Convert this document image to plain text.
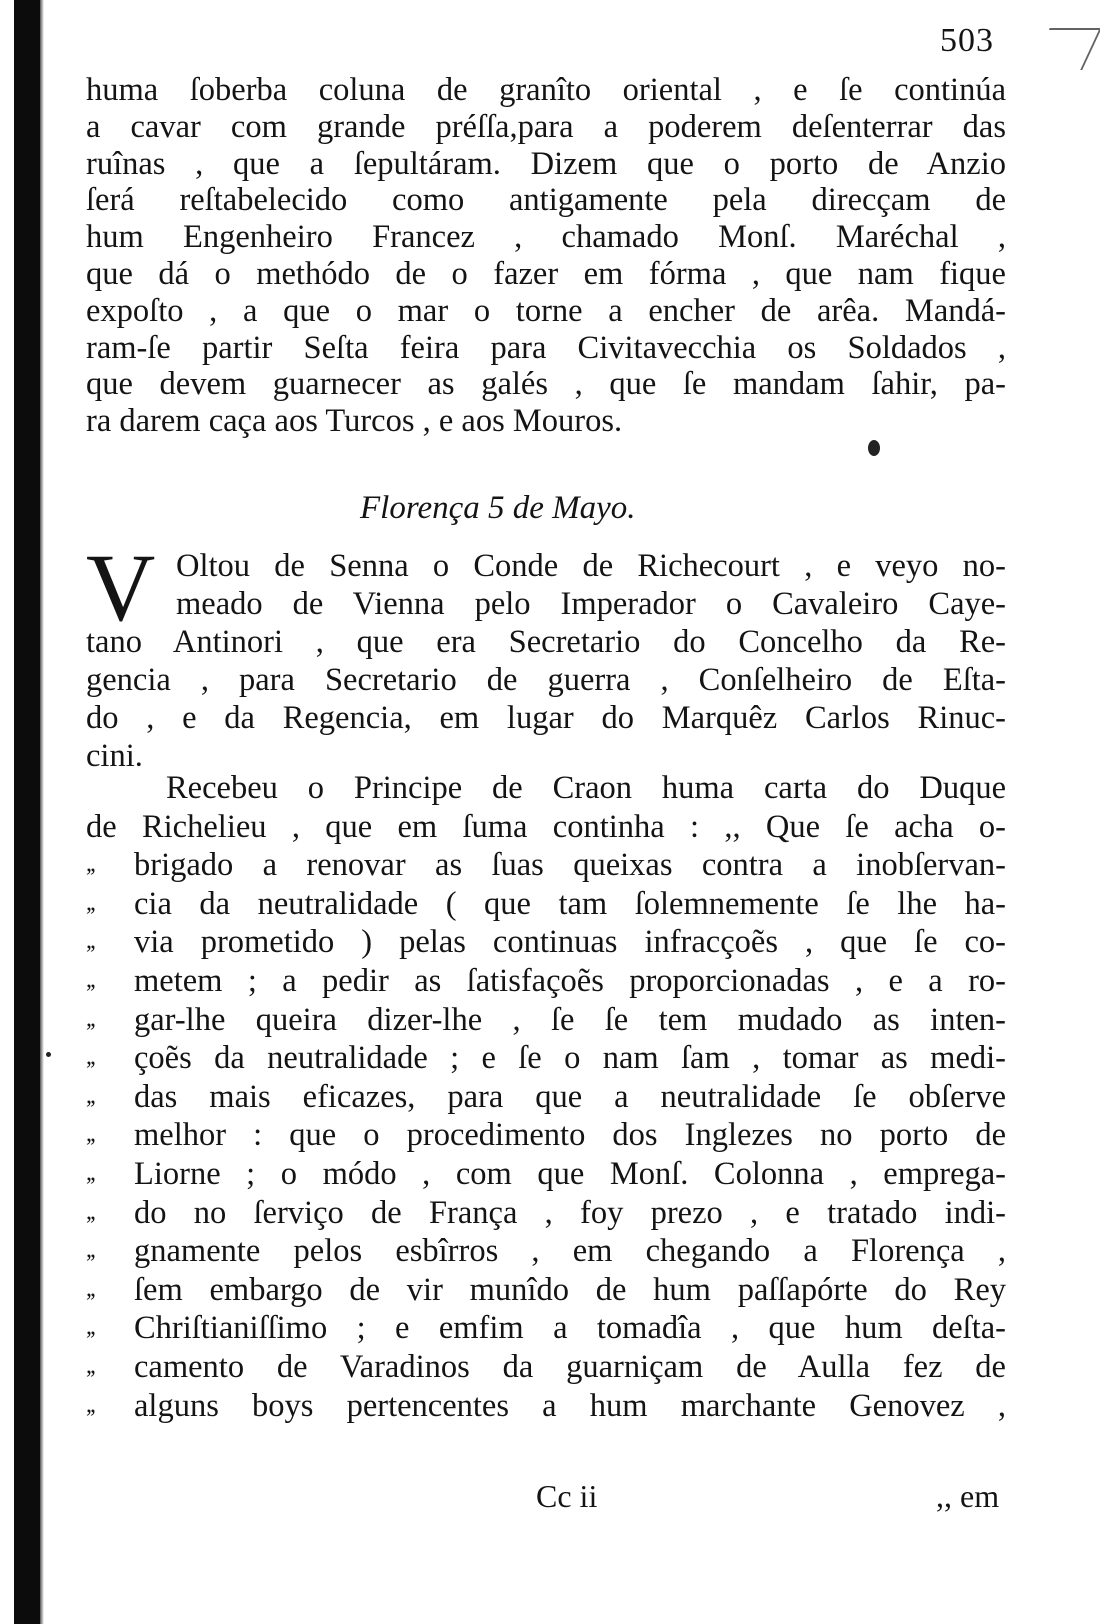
503
huma ſoberba coluna de granîto oriental , e ſe continúa
a cavar com grande préſſa,para a poderem deſenterrar das
ruînas , que a ſepultáram. Dizem que o porto de Anzio
ſerá reſtabelecido como antigamente pela direcçam de
hum Engenheiro Francez , chamado Monſ. Maréchal ,
que dá o methódo de o fazer em fórma , que nam fique
expoſto , a que o mar o torne a encher de arêa. Mandá-
ram-ſe partir Seſta feira para Civitavecchia os Soldados ,
que devem guarnecer as galés , que ſe mandam ſahir, pa-
ra darem caça aos Turcos , e aos Mouros.
Florença 5 de Mayo.
V Oltou de Senna o Conde de Richecourt , e veyo no-
meado de Vienna pelo Imperador o Cavaleiro Caye-
tano Antinori , que era Secretario do Concelho da Re-
gencia , para Secretario de guerra , Conſelheiro de Eſta-
do , e da Regencia, em lugar do Marquêz Carlos Rinuc-
cini.
Recebeu o Principe de Craon huma carta do Duque
de Richelieu , que em ſuma continha : ,, Que ſe acha o-
,, brigado a renovar as ſuas queixas contra a inobſervan-
,, cia da neutralidade ( que tam ſolemnemente ſe lhe ha-
,, via prometido ) pelas continuas infracçoẽs , que ſe co-
,, metem ; a pedir as ſatisfaçoẽs proporcionadas , e a ro-
,, gar-lhe queira dizer-lhe , ſe ſe tem mudado as inten-
,, çoẽs da neutralidade ; e ſe o nam ſam , tomar as medi-
,, das mais eficazes, para que a neutralidade ſe obſerve
,, melhor : que o procedimento dos Inglezes no porto de
,, Liorne ; o módo , com que Monſ. Colonna , emprega-
,, do no ſerviço de França , foy prezo , e tratado indi-
,, gnamente pelos esbîrros , em chegando a Florença ,
,, ſem embargo de vir munîdo de hum paſſapórte do Rey
,, Chriſtianiſſimo ; e emfim a tomadîa , que hum deſta-
,, camento de Varadinos da guarniçam de Aulla fez de
,, alguns boys pertencentes a hum marchante Genovez ,
Cc ii	,, em
